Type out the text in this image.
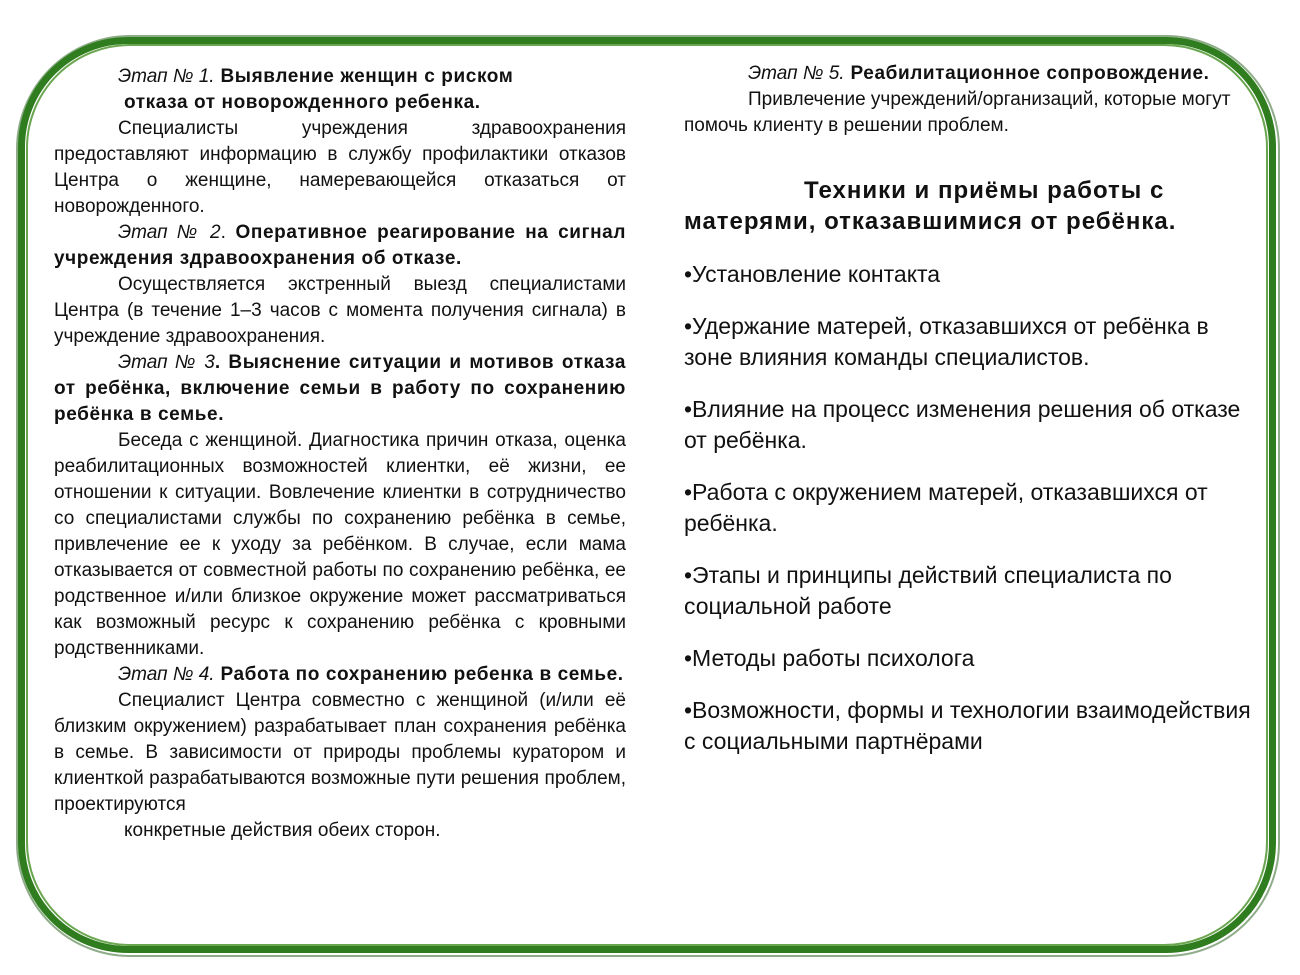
Этап № 1. Выявление женщин с риском

отказа от новорожденного ребенка.

Специалисты учреждения здравоохранения предоставляют информацию в службу профилактики отказов Центра о женщине, намеревающейся отказаться от новорожденного.

Этап № 2. Оперативное реагирование на сигнал учреждения здравоохранения об отказе.

Осуществляется экстренный выезд специалистами Центра (в течение 1–3 часов с момента получения сигнала) в учреждение здравоохранения.

Этап № 3. Выяснение ситуации и мотивов отказа от ребёнка, включение семьи в работу по сохранению ребёнка в семье.

Беседа с женщиной. Диагностика причин отказа, оценка реабилитационных возможностей клиентки, её жизни, ее отношении к ситуации. Вовлечение клиентки в сотрудничество со специалистами службы по сохранению ребёнка в семье, привлечение ее к уходу за ребёнком. В случае, если мама отказывается от совместной работы по сохранению ребёнка, ее родственное и/или близкое окружение может рассматриваться как возможный ресурс к сохранению ребёнка с кровными родственниками.

Этап № 4. Работа по сохранению ребенка в семье.

Специалист Центра совместно с женщиной (и/или её близким окружением) разрабатывает план сохранения ребёнка в семье. В зависимости от природы проблемы куратором и клиенткой разрабатываются возможные пути решения проблем, проектируются

конкретные действия обеих сторон.

Этап № 5. Реабилитационное сопровождение.

Привлечение учреждений/организаций, которые могут помочь клиенту в решении проблем.

Техники и приёмы работы с
матерями, отказавшимися от ребёнка.
•Установление контакта
•Удержание матерей, отказавшихся от ребёнка в зоне влияния команды специалистов.
•Влияние на процесс изменения решения об отказе от ребёнка.
•Работа с окружением матерей, отказавшихся от ребёнка.
•Этапы и принципы действий специалиста по социальной работе
•Методы работы психолога
•Возможности, формы и технологии взаимодействия с социальными партнёрами
